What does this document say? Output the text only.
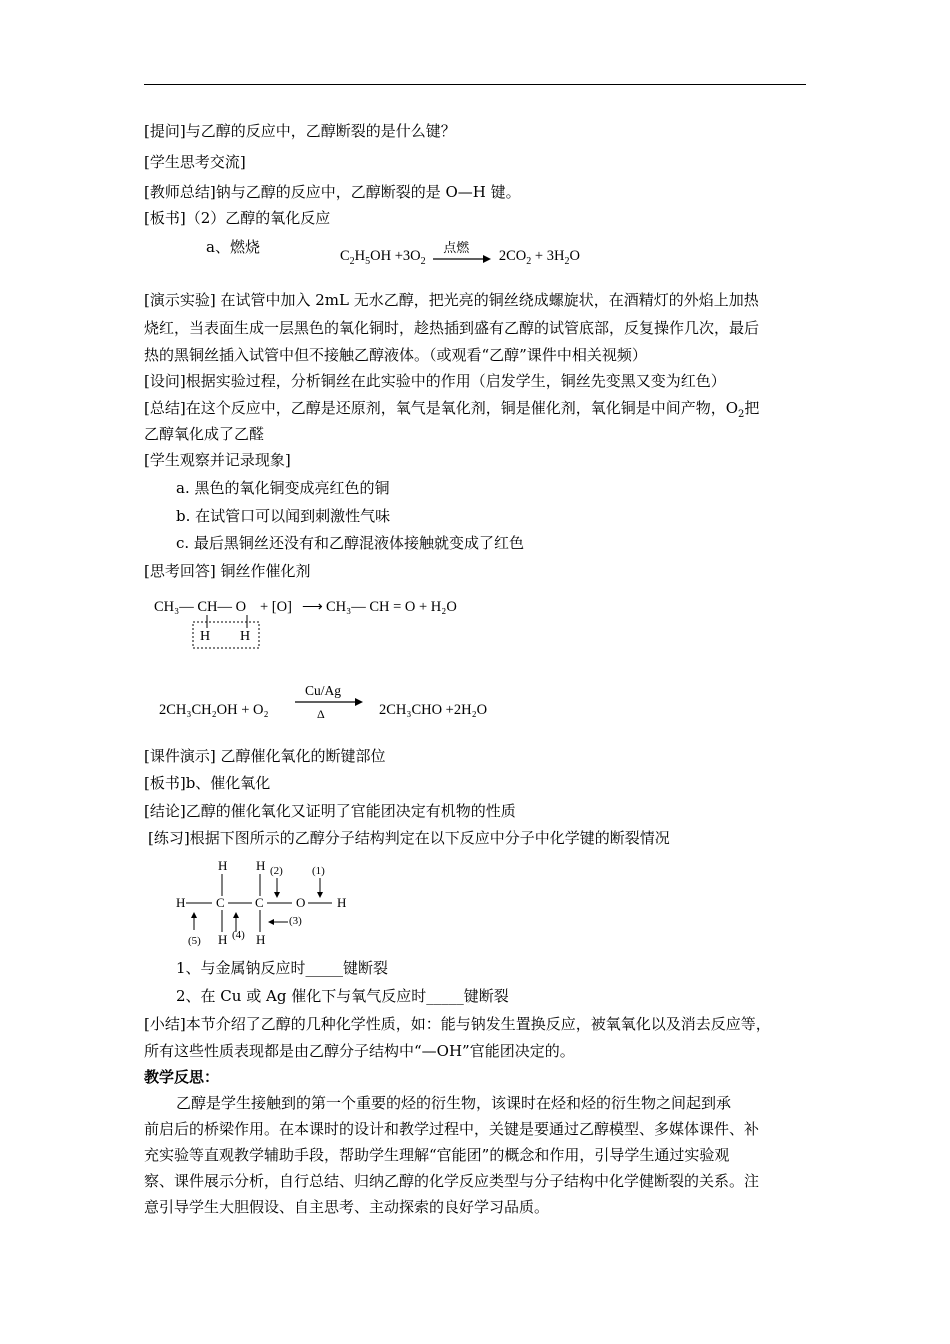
[提问]与乙醇的反应中，乙醇断裂的是什么键？
[学生思考交流]
[教师总结]钠与乙醇的反应中，乙醇断裂的是 O—H 键。
[板书]（2）乙醇的氧化反应
a、燃烧	$C_2H_5OH +3O_2$
点燃 $2CO_2 + 3H_2O$
[演示实验] 在试管中加入 2mL 无水乙醇，把光亮的铜丝绕成螺旋状，在酒精灯的外焰上加热
烧红，当表面生成一层黑色的氧化铜时，趁热插到盛有乙醇的试管底部，反复操作几次，最后
热的黑铜丝插入试管中但不接触乙醇液体。（或观看“乙醇”课件中相关视频）
[设问]根据实验过程，分析铜丝在此实验中的作用（启发学生，铜丝先变黑又变为红色）
[总结]在这个反应中，乙醇是还原剂，氧气是氧化剂，铜是催化剂，氧化铜是中间产物，$O_2$把
乙醇氧化成了乙醛
[学生观察并记录现象]
a. 黑色的氧化铜变成亮红色的铜
b. 在试管口可以闻到刺激性气味
c. 最后黑铜丝还没有和乙醇混液体接触就变成了红色
[思考回答] 铜丝作催化剂
CH₃— CH— O + [O] ⟶ CH₃— CH = O + H₂O
H H
2CH₃CH₂OH + O₂
Cu/Ag
Δ	2CH₃CHO +2H₂O
[课件演示] 乙醇催化氧化的断键部位
[板书]b、催化氧化
[结论]乙醇的催化氧化又证明了官能团决定有机物的性质
[练习]根据下图所示的乙醇分子结构判定在以下反应中分子中化学键的断裂情况
H H
H C C O H
H H
(2)	(1)
(3)
(4)
(5)
1、与金属钠反应时_____键断裂
2、在 Cu 或 Ag 催化下与氧气反应时_____键断裂
[小结]本节介绍了乙醇的几种化学性质，如：能与钠发生置换反应，被氧氧化以及消去反应等，
所有这些性质表现都是由乙醇分子结构中“—OH”官能团决定的。
教学反思：
乙醇是学生接触到的第一个重要的烃的衍生物，该课时在烃和烃的衍生物之间起到承
前启后的桥梁作用。在本课时的设计和教学过程中，关键是要通过乙醇模型、多媒体课件、补
充实验等直观教学辅助手段，帮助学生理解“官能团”的概念和作用，引导学生通过实验观
察、课件展示分析，自行总结、归纳乙醇的化学反应类型与分子结构中化学健断裂的关系。注
意引导学生大胆假设、自主思考、主动探索的良好学习品质。
